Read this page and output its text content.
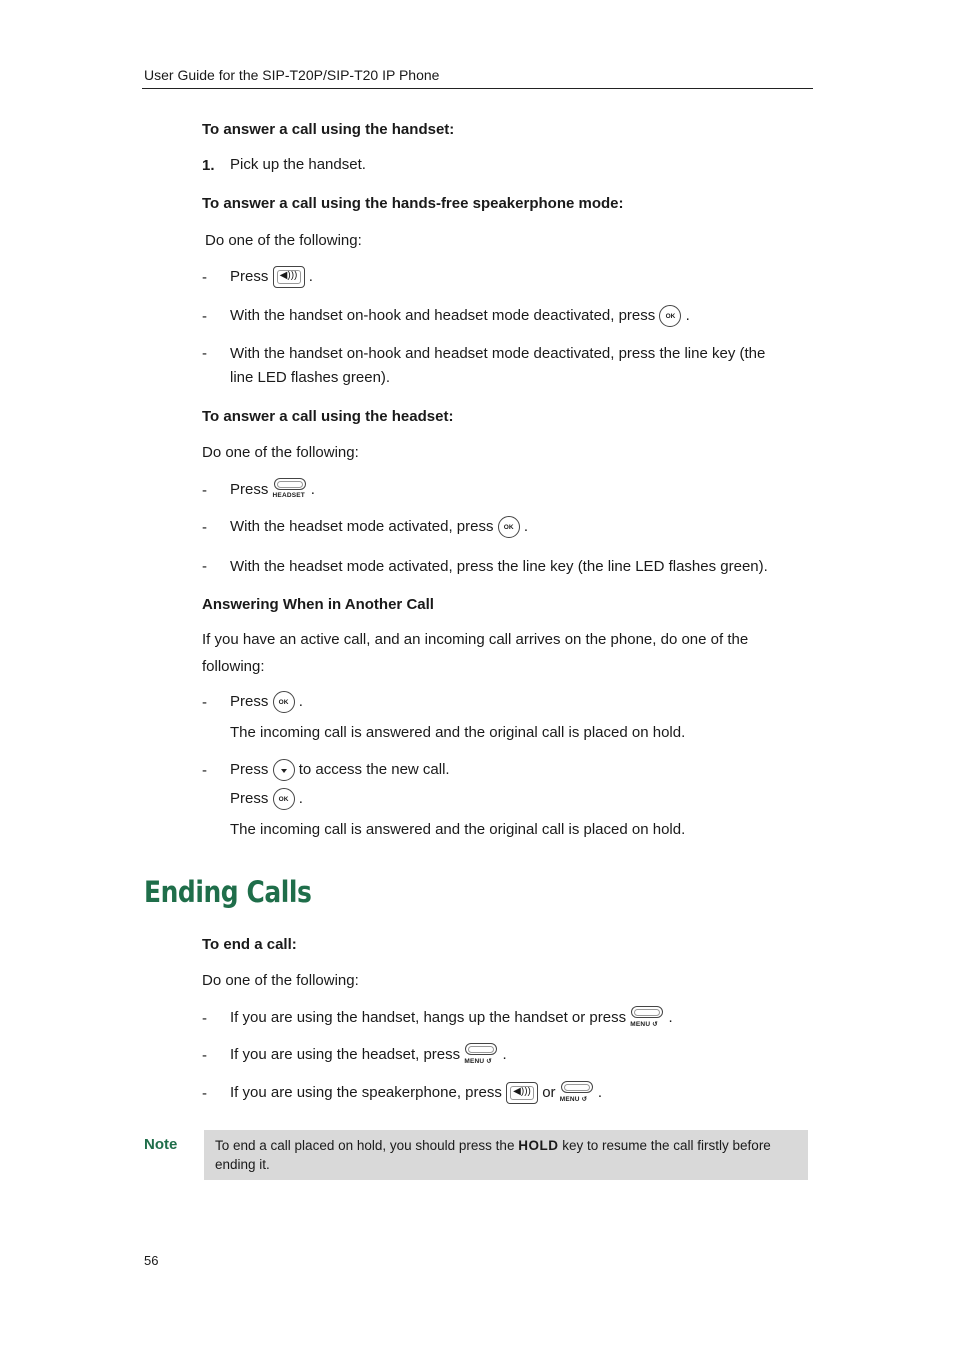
User Guide for the SIP-T20P/SIP-T20 IP Phone
To answer a call using the handset:
1. Pick up the handset.
To answer a call using the hands-free speakerphone mode:
Do one of the following:
- Press	◀))) .
- With the handset on-hook and headset mode deactivated, press OK .
- With the handset on-hook and headset mode deactivated, press the line key (the
line LED flashes green).
To answer a call using the headset:
Do one of the following:
- Press HEADSET .
- With the headset mode activated, press OK .
- With the headset mode activated, press the line key (the line LED flashes green).
Answering When in Another Call
If you have an active call, and an incoming call arrives on the phone, do one of the
following:
- Press OK .
The incoming call is answered and the original call is placed on hold.
- Press to access the new call.
Press OK .
The incoming call is answered and the original call is placed on hold.
Ending Calls
To end a call:
Do one of the following:
- If you are using the handset, hangs up the handset or press MENU ↺ .
- If you are using the headset, press MENU ↺ .
- If you are using the speakerphone, press	◀))) or MENU ↺ .
Note	To end a call placed on hold, you should press the HOLD key to resume the call firstly before ending it.
56
